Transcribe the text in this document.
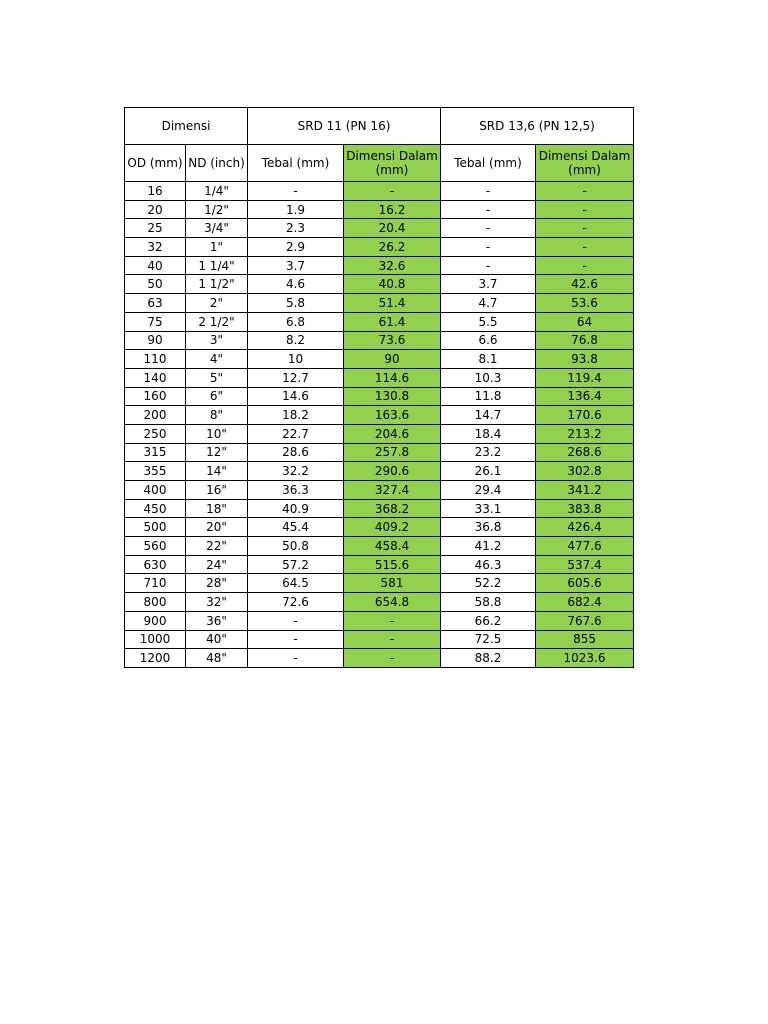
Dimensi		SRD 11 (PN 16)		SRD 13,6 (PN 12,5)	
OD (mm)	ND (inch)	Tebal (mm)	Dimensi Dalam (mm)	Tebal (mm)	Dimensi Dalam (mm)
16	1/4"	-	-	-	-
20	1/2"	1.9	16.2	-	-
25	3/4"	2.3	20.4	-	-
32	1"	2.9	26.2	-	-
40	1 1/4"	3.7	32.6	-	-
50	1 1/2"	4.6	40.8	3.7	42.6
63	2"	5.8	51.4	4.7	53.6
75	2 1/2"	6.8	61.4	5.5	64
90	3"	8.2	73.6	6.6	76.8
110	4"	10	90	8.1	93.8
140	5"	12.7	114.6	10.3	119.4
160	6"	14.6	130.8	11.8	136.4
200	8"	18.2	163.6	14.7	170.6
250	10"	22.7	204.6	18.4	213.2
315	12"	28.6	257.8	23.2	268.6
355	14"	32.2	290.6	26.1	302.8
400	16"	36.3	327.4	29.4	341.2
450	18"	40.9	368.2	33.1	383.8
500	20"	45.4	409.2	36.8	426.4
560	22"	50.8	458.4	41.2	477.6
630	24"	57.2	515.6	46.3	537.4
710	28"	64.5	581	52.2	605.6
800	32"	72.6	654.8	58.8	682.4
900	36"	-	-	66.2	767.6
1000	40"	-	-	72.5	855
1200	48"	-	-	88.2	1023.6
